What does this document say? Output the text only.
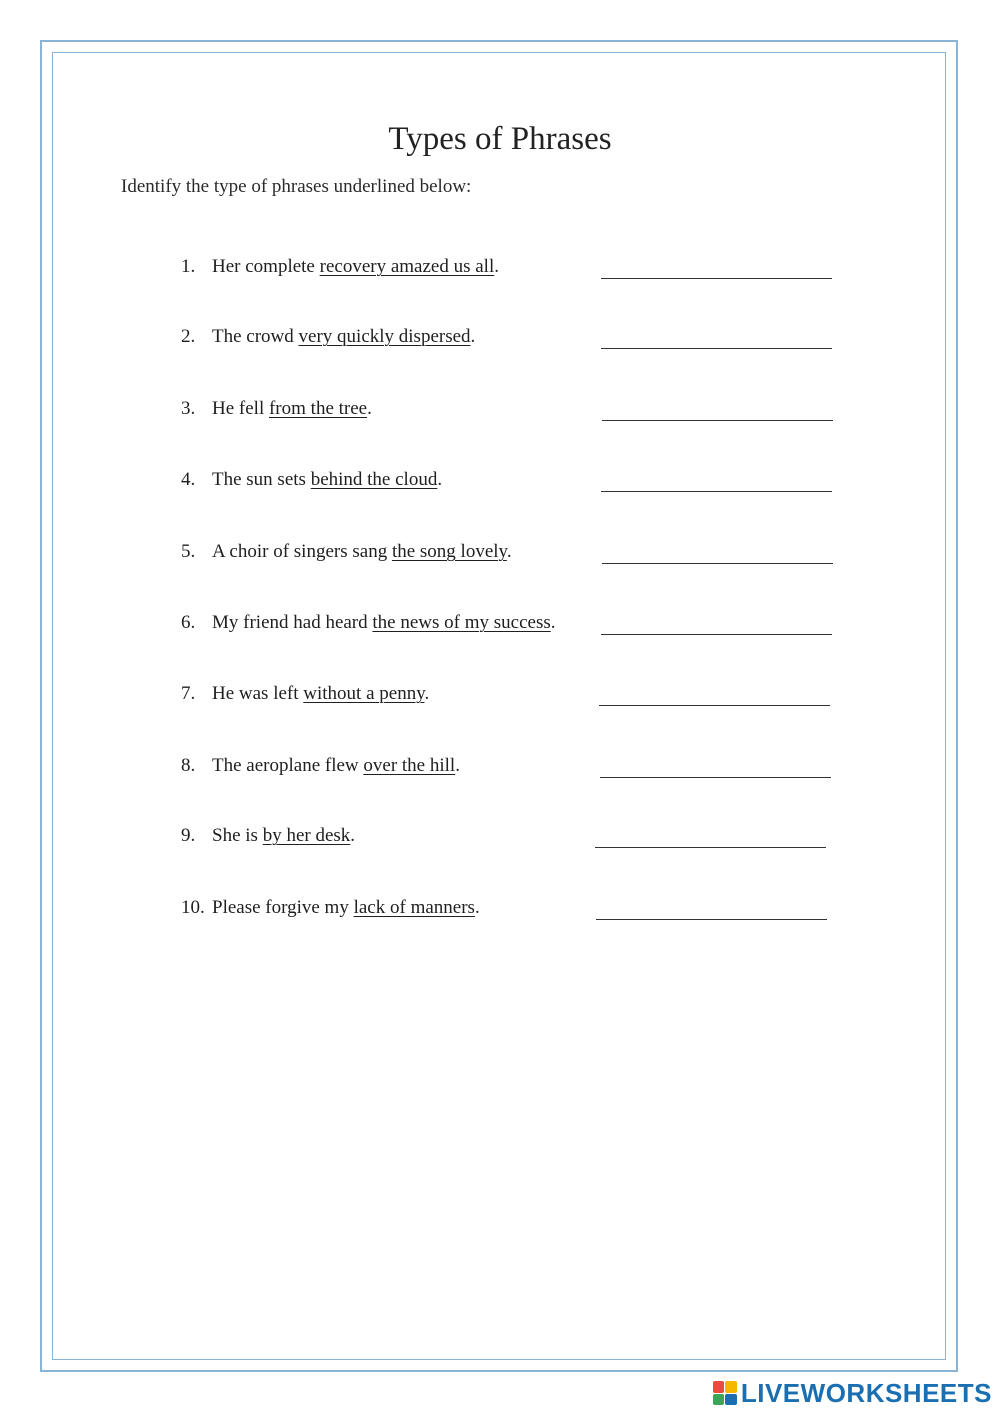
Types of Phrases
Identify the type of phrases underlined below:
1. Her complete recovery amazed us all.
2. The crowd very quickly dispersed.
3. He fell from the tree.
4. The sun sets behind the cloud.
5. A choir of singers sang the song lovely.
6. My friend had heard the news of my success.
7. He was left without a penny.
8. The aeroplane flew over the hill.
9. She is by her desk.
10. Please forgive my lack of manners.
LIVEWORKSHEETS
